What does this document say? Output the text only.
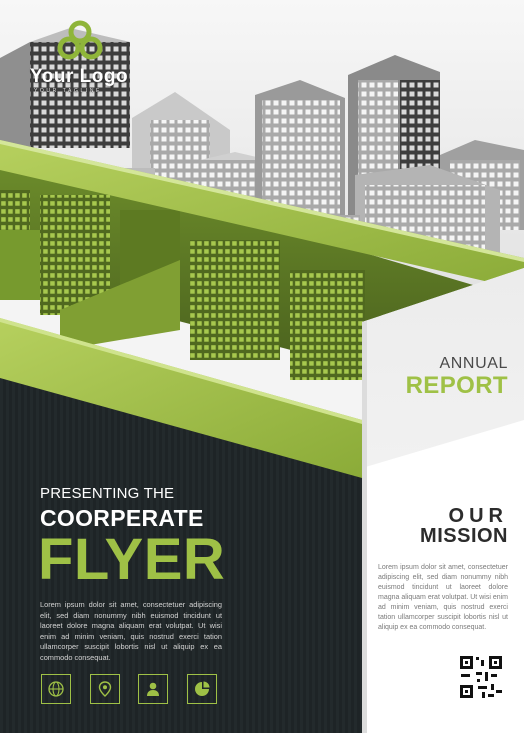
Your Logo
YOUR TAGLINE
ANNUAL
REPORT
PRESENTING THE
COORPERATE
FLYER
Lorem ipsum dolor sit amet, consectetuer adipiscing elit, sed diam nonummy nibh euismod tincidunt ut laoreet dolore magna aliquam erat volutpat. Ut wisi enim ad minim veniam, quis nostrud exerci tation ullamcorper suscipit lobortis nisl ut aliquip ex ea commodo consequat.
OUR
MISSION
Lorem ipsum dolor sit amet, consectetuer adipiscing elit, sed diam nonummy nibh euismod tincidunt ut laoreet dolore magna aliquam erat volutpat. Ut wisi enim ad minim veniam, quis nostrud exerci tation ullamcorper suscipit lobortis nisl ut aliquip ex ea commodo consequat.
